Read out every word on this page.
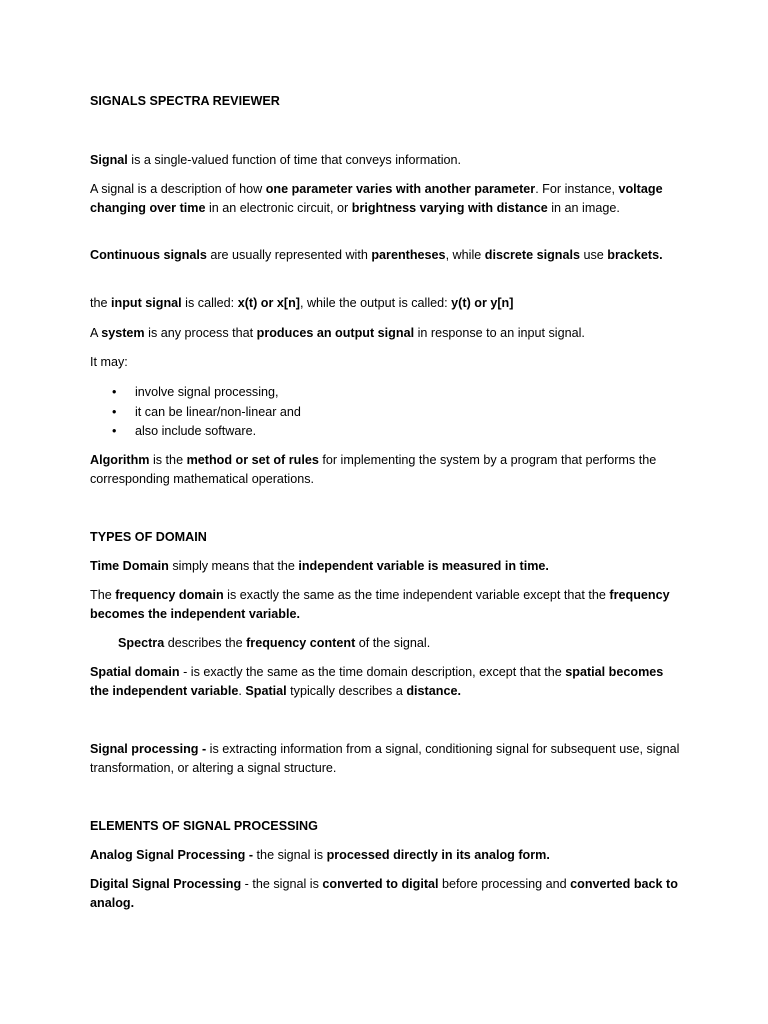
SIGNALS SPECTRA REVIEWER

Signal is a single-valued function of time that conveys information.

A signal is a description of how one parameter varies with another parameter. For instance, voltage changing over time in an electronic circuit, or brightness varying with distance in an image.

Continuous signals are usually represented with parentheses, while discrete signals use brackets.

the input signal is called: x(t) or x[n], while the output is called: y(t) or y[n]

A system is any process that produces an output signal in response to an input signal.

It may:

• involve signal processing,
• it can be linear/non-linear and
• also include software.

Algorithm is the method or set of rules for implementing the system by a program that performs the corresponding mathematical operations.

TYPES OF DOMAIN

Time Domain simply means that the independent variable is measured in time.

The frequency domain is exactly the same as the time independent variable except that the frequency becomes the independent variable.

Spectra describes the frequency content of the signal.

Spatial domain - is exactly the same as the time domain description, except that the spatial becomes the independent variable. Spatial typically describes a distance.

Signal processing - is extracting information from a signal, conditioning signal for subsequent use, signal transformation, or altering a signal structure.

ELEMENTS OF SIGNAL PROCESSING

Analog Signal Processing - the signal is processed directly in its analog form.

Digital Signal Processing - the signal is converted to digital before processing and converted back to analog.
